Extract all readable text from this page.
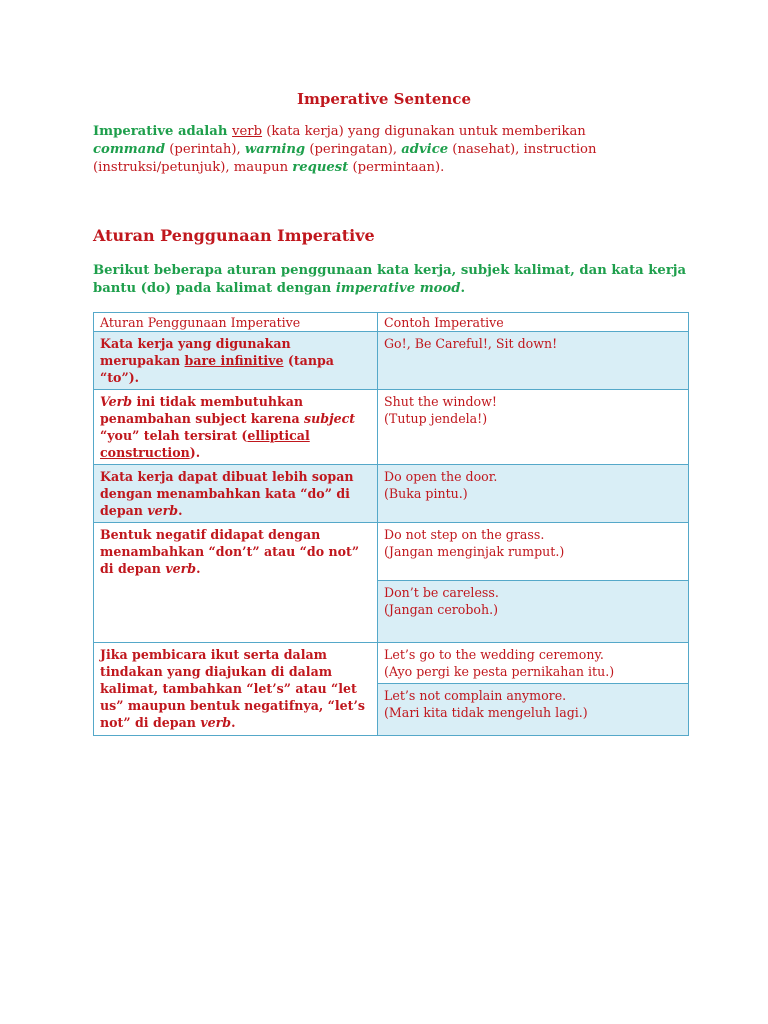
Imperative Sentence
Imperative adalah verb (kata kerja) yang digunakan untuk memberikan command (perintah), warning (peringatan), advice (nasehat), instruction (instruksi/petunjuk), maupun request (permintaan).
Aturan Penggunaan Imperative
Berikut beberapa aturan penggunaan kata kerja, subjek kalimat, dan kata kerja bantu (do) pada kalimat dengan imperative mood.
Aturan Penggunaan Imperative	Contoh Imperative
Kata kerja yang digunakan merupakan bare infinitive (tanpa “to”).	Go!, Be Careful!, Sit down!

Verb ini tidak membutuhkan penambahan subject karena subject “you” telah tersirat (elliptical construction).	Shut the window!
(Tutup jendela!)

Kata kerja dapat dibuat lebih sopan dengan menambahkan kata “do” di depan verb.	Do open the door.
(Buka pintu.)

Bentuk negatif didapat dengan menambahkan “don’t” atau “do not” di depan verb.	Do not step on the grass.
(Jangan menginjak rumput.)

	Don’t be careless.
(Jangan ceroboh.)

Jika pembicara ikut serta dalam tindakan yang diajukan di dalam kalimat, tambahkan “let’s” atau “let us” maupun bentuk negatifnya, “let’s not” di depan verb.	Let’s go to the wedding ceremony.
(Ayo pergi ke pesta pernikahan itu.)

	Let’s not complain anymore.
(Mari kita tidak mengeluh lagi.)
